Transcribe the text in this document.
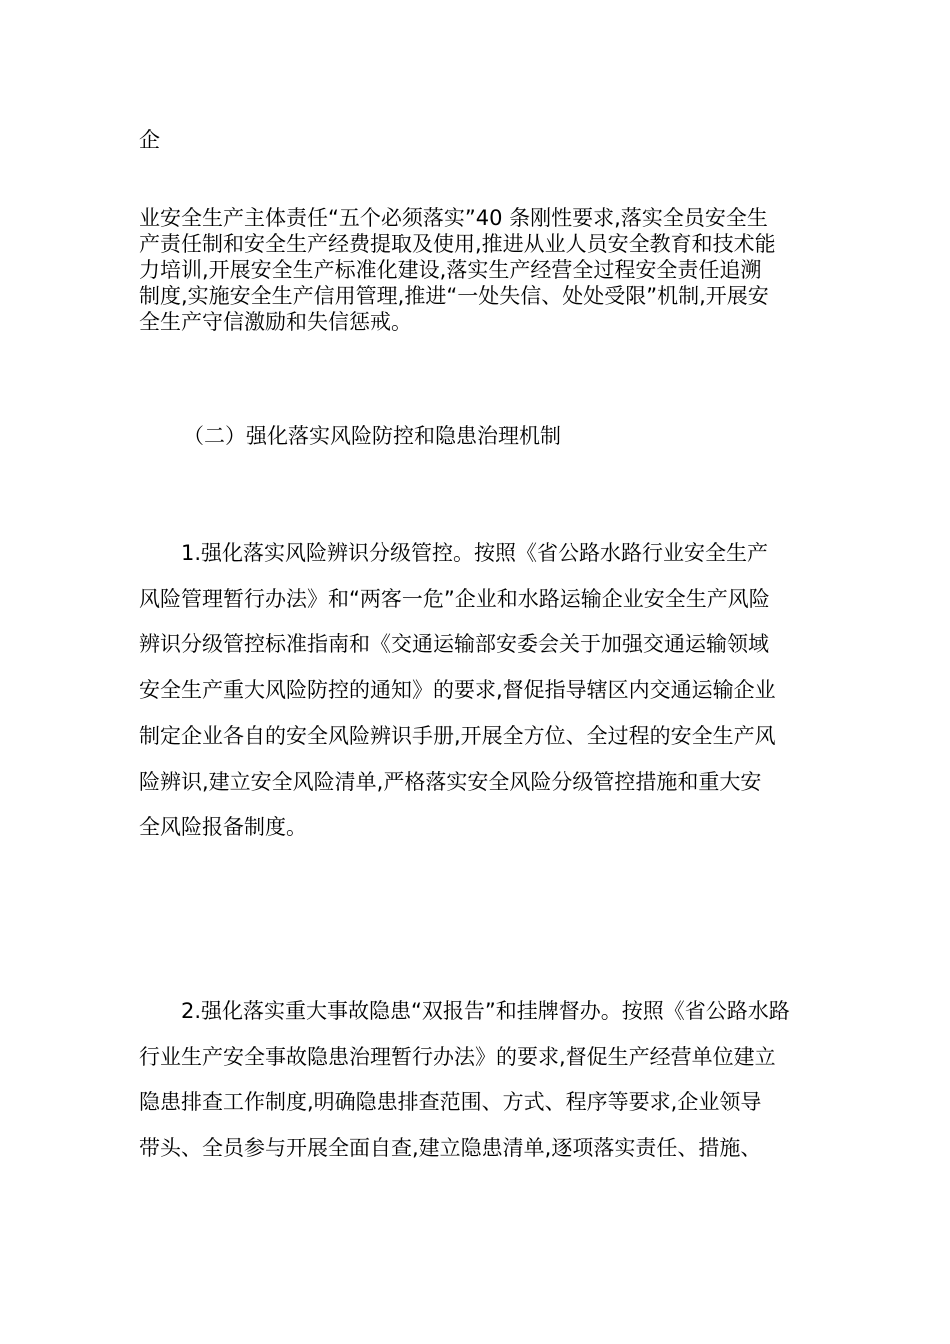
企
业安全生产主体责任“五个必须落实”40 条刚性要求,落实全员安全生
产责任制和安全生产经费提取及使用,推进从业人员安全教育和技术能
力培训,开展安全生产标准化建设,落实生产经营全过程安全责任追溯
制度,实施安全生产信用管理,推进“一处失信、处处受限”机制,开展安
全生产守信激励和失信惩戒。
（二）强化落实风险防控和隐患治理机制
　　1.强化落实风险辨识分级管控。按照《省公路水路行业安全生产
风险管理暂行办法》和“两客一危”企业和水路运输企业安全生产风险
辨识分级管控标准指南和《交通运输部安委会关于加强交通运输领域
安全生产重大风险防控的通知》的要求,督促指导辖区内交通运输企业
制定企业各自的安全风险辨识手册,开展全方位、全过程的安全生产风
险辨识,建立安全风险清单,严格落实安全风险分级管控措施和重大安
全风险报备制度。
　　2.强化落实重大事故隐患“双报告”和挂牌督办。按照《省公路水路
行业生产安全事故隐患治理暂行办法》的要求,督促生产经营单位建立
隐患排查工作制度,明确隐患排查范围、方式、程序等要求,企业领导
带头、全员参与开展全面自查,建立隐患清单,逐项落实责任、措施、
